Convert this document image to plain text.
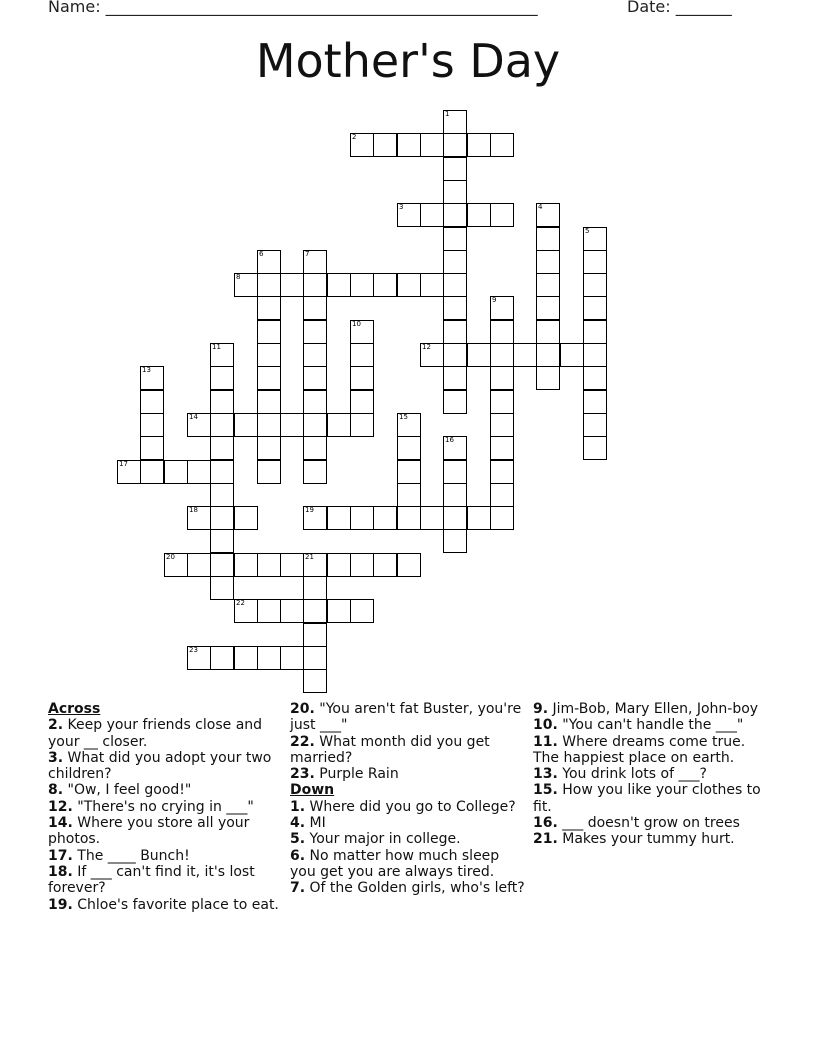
Name: ______________________________________________________	Date: _______
Mother's Day
1
2
3	4
5
6	7
8
9
10
11	12
13
14	15
16
17
18	19
20	21
22
23

Across

2. Keep your friends close and your __ closer.

3. What did you adopt your two children?

8. "Ow, I feel good!"

12. "There's no crying in ___"

14. Where you store all your photos.

17. The ____ Bunch!

18. If ___ can't find it, it's lost forever?

19. Chloe's favorite place to eat.

20. "You aren't fat Buster, you're just ___"

22. What month did you get married?

23. Purple Rain

Down

1. Where did you go to College?

4. MI

5. Your major in college.

6. No matter how much sleep you get you are always tired.

7. Of the Golden girls, who's left?

9. Jim-Bob, Mary Ellen, John-boy

10. "You can't handle the ___"

11. Where dreams come true. The happiest place on earth.

13. You drink lots of ___?

15. How you like your clothes to fit.

16. ___ doesn't grow on trees

21. Makes your tummy hurt.
